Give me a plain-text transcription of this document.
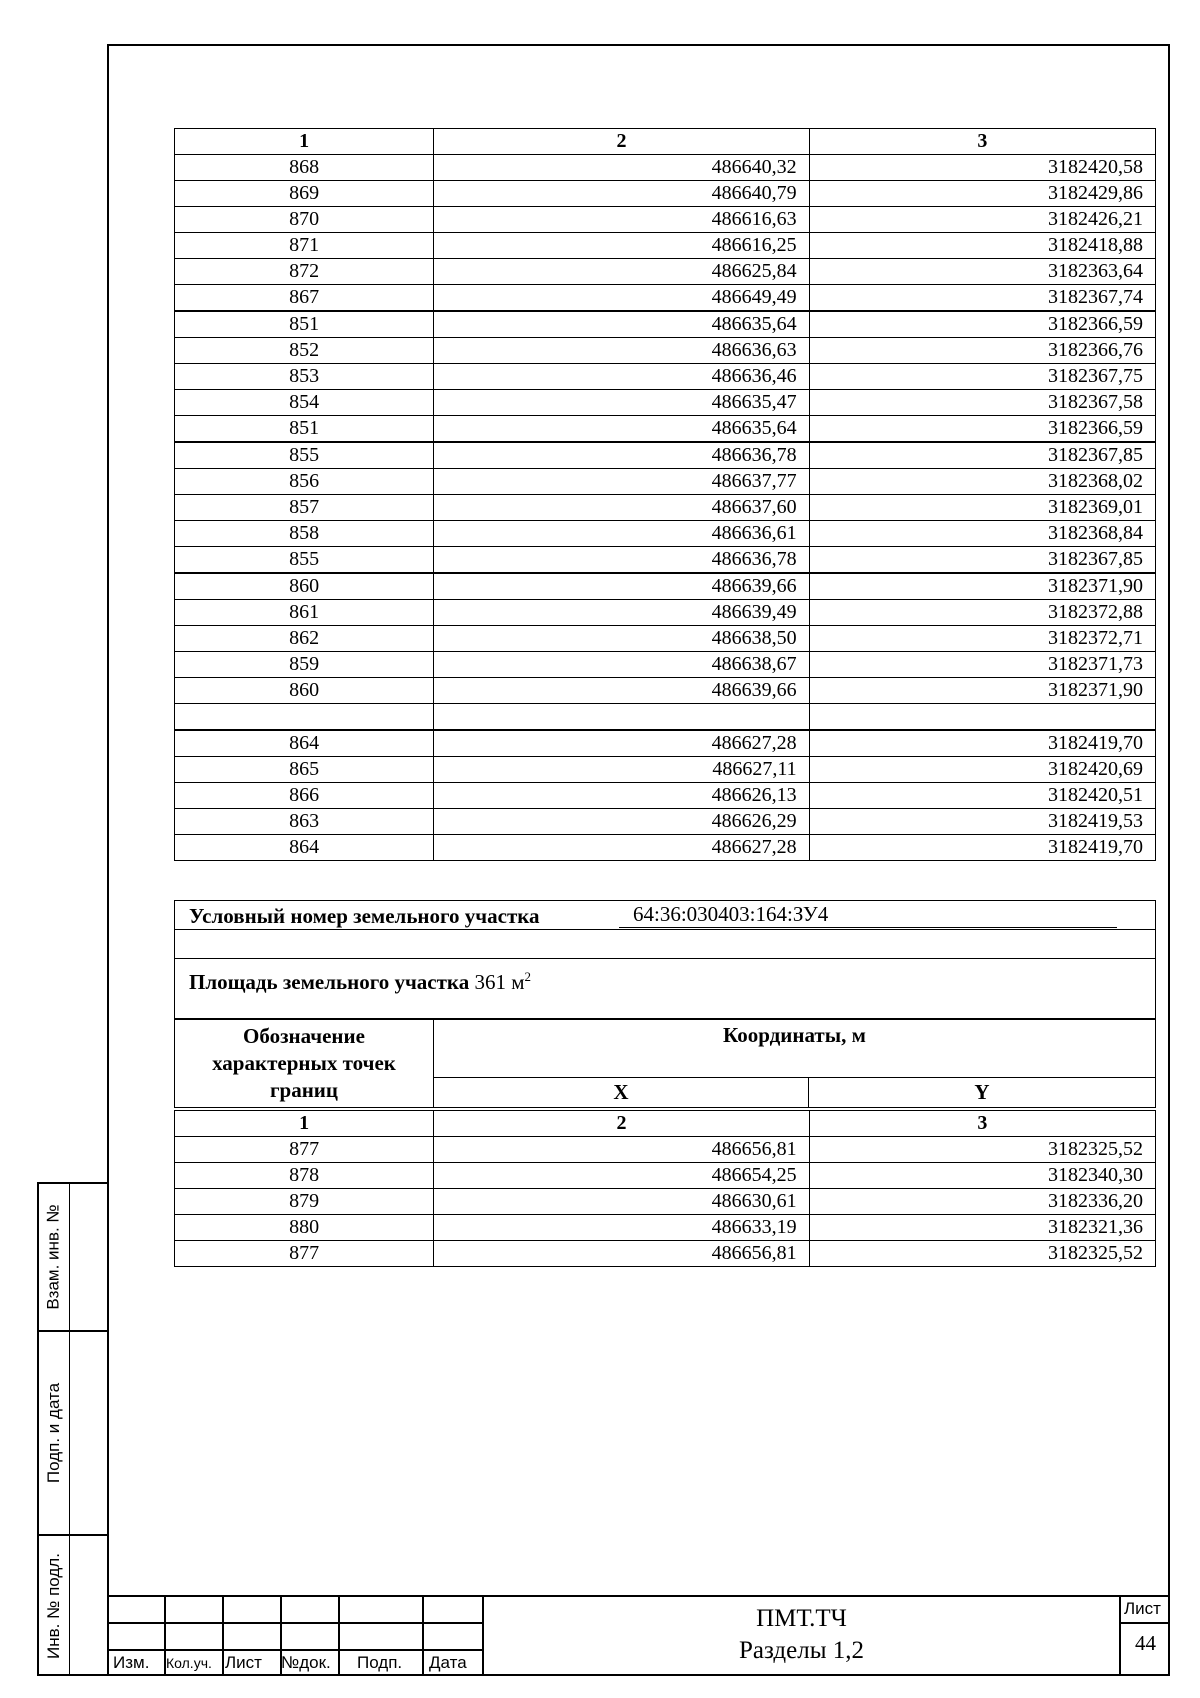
Взам. инв. №
Подп. и дата
Инв. № подл.
1	2	3
868	486640,32	3182420,58
869	486640,79	3182429,86
870	486616,63	3182426,21
871	486616,25	3182418,88
872	486625,84	3182363,64
867	486649,49	3182367,74
851	486635,64	3182366,59
852	486636,63	3182366,76
853	486636,46	3182367,75
854	486635,47	3182367,58
851	486635,64	3182366,59
855	486636,78	3182367,85
856	486637,77	3182368,02
857	486637,60	3182369,01
858	486636,61	3182368,84
855	486636,78	3182367,85
860	486639,66	3182371,90
861	486639,49	3182372,88
862	486638,50	3182372,71
859	486638,67	3182371,73
860	486639,66	3182371,90

864	486627,28	3182419,70
865	486627,11	3182420,69
866	486626,13	3182420,51
863	486626,29	3182419,53
864	486627,28	3182419,70
Условный номер земельного участка	64:36:030403:164:ЗУ4
Площадь земельного участка 361 $м^2$
Обозначение характерных точек границ
Координаты, м
X	Y
1	2	3
877	486656,81	3182325,52
878	486654,25	3182340,30
879	486630,61	3182336,20
880	486633,19	3182321,36
877	486656,81	3182325,52
Изм. Кол.уч. Лист №док. Подп. Дата
ПМТ.ТЧ
Разделы 1,2
Лист
44
